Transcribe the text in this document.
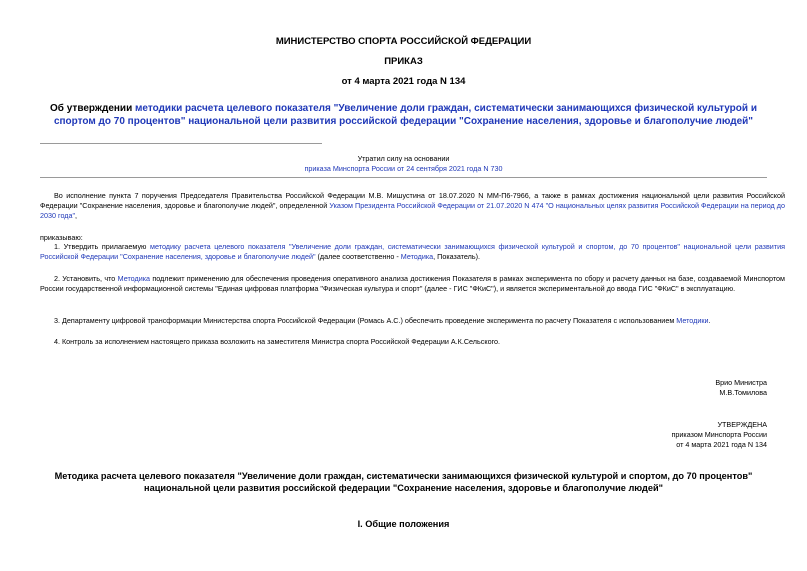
МИНИСТЕРСТВО СПОРТА РОССИЙСКОЙ ФЕДЕРАЦИИ
ПРИКАЗ
от 4 марта 2021 года N 134
Об утверждении методики расчета целевого показателя "Увеличение доли граждан, систематически занимающихся физической культурой и спортом до 70 процентов" национальной цели развития российской федерации "Сохранение населения, здоровье и благополучие людей"
Утратил силу на основании
приказа Минспорта России от 24 сентября 2021 года N 730
Во исполнение пункта 7 поручения Председателя Правительства Российской Федерации М.В. Мишустина от 18.07.2020 N ММ-П6-7966, а также в рамках достижения национальной цели развития Российской Федерации "Сохранение населения, здоровье и благополучие людей", определенной Указом Президента Российской Федерации от 21.07.2020 N 474 "О национальных целях развития Российской Федерации на период до 2030 года",
приказываю:
1. Утвердить прилагаемую методику расчета целевого показателя "Увеличение доли граждан, систематически занимающихся физической культурой и спортом, до 70 процентов" национальной цели развития Российской Федерации "Сохранение населения, здоровье и благополучие людей" (далее соответственно - Методика, Показатель).
2. Установить, что Методика подлежит применению для обеспечения проведения оперативного анализа достижения Показателя в рамках эксперимента по сбору и расчету данных на базе, создаваемой Минспортом России государственной информационной системы "Единая цифровая платформа "Физическая культура и спорт" (далее - ГИС "ФКиС"), и является экспериментальной до ввода ГИС "ФКиС" в эксплуатацию.
3. Департаменту цифровой трансформации Министерства спорта Российской Федерации (Ромась А.С.) обеспечить проведение эксперимента по расчету Показателя с использованием Методики.
4. Контроль за исполнением настоящего приказа возложить на заместителя Министра спорта Российской Федерации А.К.Сельского.
Врио Министра
М.В.Томилова
УТВЕРЖДЕНА
приказом Минспорта России
от 4 марта 2021 года N 134
Методика расчета целевого показателя "Увеличение доли граждан, систематически занимающихся физической культурой и спортом, до 70 процентов" национальной цели развития российской федерации "Сохранение населения, здоровье и благополучие людей"
I. Общие положения
